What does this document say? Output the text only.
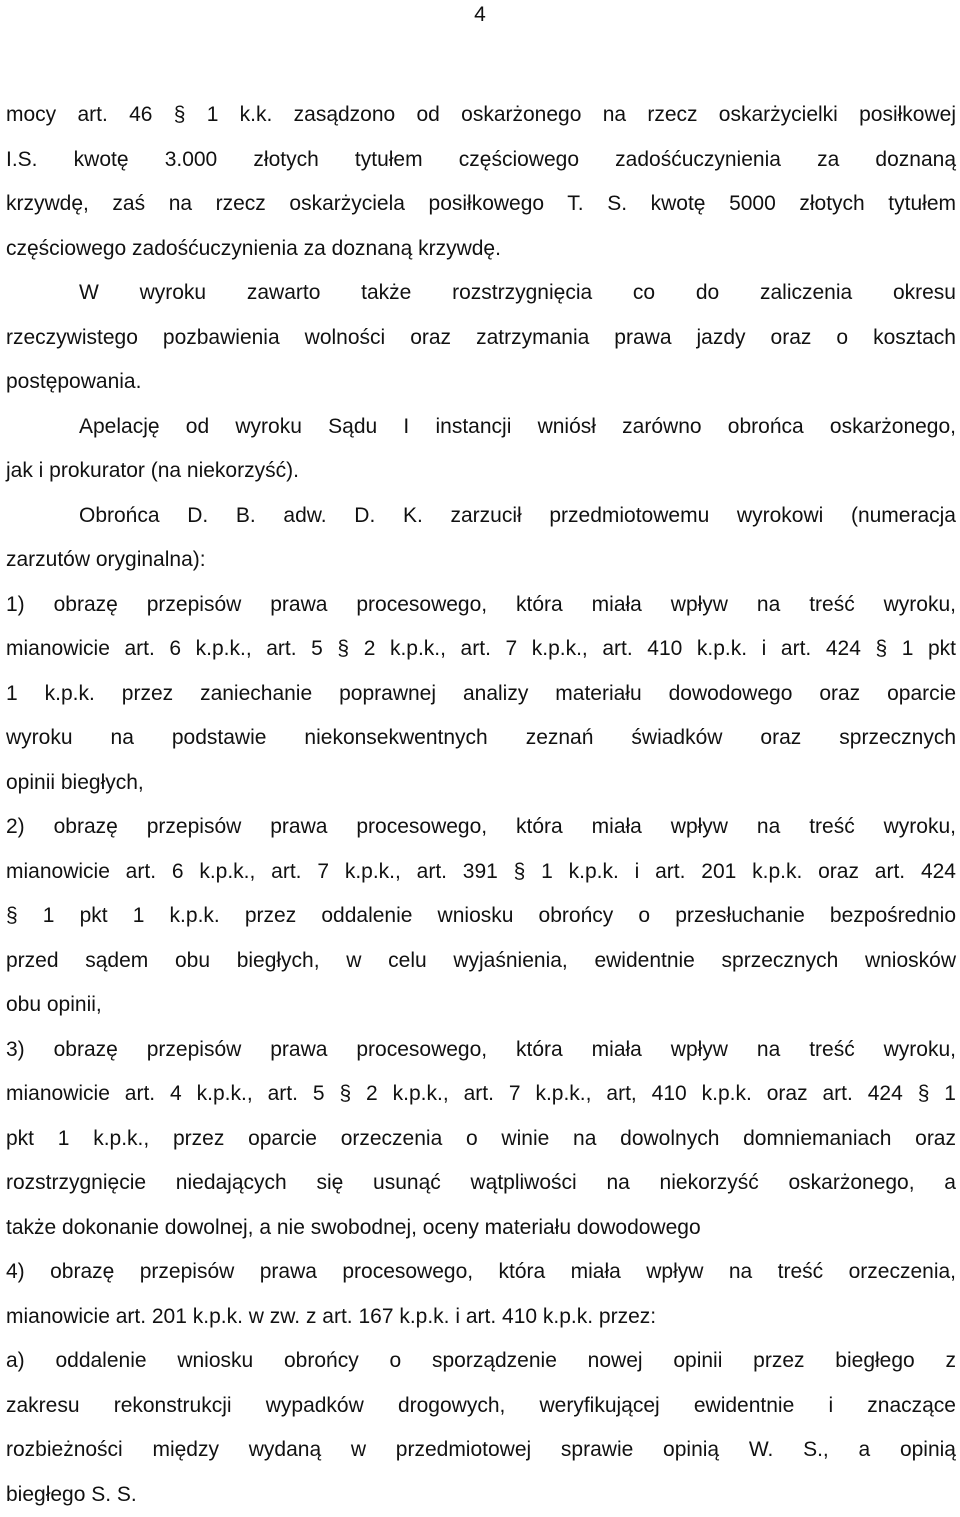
4
mocy art. 46 § 1 k.k. zasądzono od oskarżonego na rzecz oskarżycielki posiłkowej
I.S. kwotę 3.000 złotych tytułem częściowego zadośćuczynienia za doznaną
krzywdę, zaś na rzecz oskarżyciela posiłkowego T. S. kwotę 5000 złotych tytułem
częściowego zadośćuczynienia za doznaną krzywdę.
W wyroku zawarto także rozstrzygnięcia co do zaliczenia okresu
rzeczywistego pozbawienia wolności oraz zatrzymania prawa jazdy oraz o kosztach
postępowania.
Apelację od wyroku Sądu I instancji wniósł zarówno obrońca oskarżonego,
jak i prokurator (na niekorzyść).
Obrońca D. B. adw. D. K. zarzucił przedmiotowemu wyrokowi (numeracja
zarzutów oryginalna):
1) obrazę przepisów prawa procesowego, która miała wpływ na treść wyroku,
mianowicie art. 6 k.p.k., art. 5 § 2 k.p.k., art. 7 k.p.k., art. 410 k.p.k. i art. 424 § 1 pkt
1 k.p.k. przez zaniechanie poprawnej analizy materiału dowodowego oraz oparcie
wyroku na podstawie niekonsekwentnych zeznań świadków oraz sprzecznych
opinii biegłych,
2) obrazę przepisów prawa procesowego, która miała wpływ na treść wyroku,
mianowicie art. 6 k.p.k., art. 7 k.p.k., art. 391 § 1 k.p.k. i art. 201 k.p.k. oraz art. 424
§ 1 pkt 1 k.p.k. przez oddalenie wniosku obrońcy o przesłuchanie bezpośrednio
przed sądem obu biegłych, w celu wyjaśnienia, ewidentnie sprzecznych wniosków
obu opinii,
3) obrazę przepisów prawa procesowego, która miała wpływ na treść wyroku,
mianowicie art. 4 k.p.k., art. 5 § 2 k.p.k., art. 7 k.p.k., art, 410 k.p.k. oraz art. 424 § 1
pkt 1 k.p.k., przez oparcie orzeczenia o winie na dowolnych domniemaniach oraz
rozstrzygnięcie niedających się usunąć wątpliwości na niekorzyść oskarżonego, a
także dokonanie dowolnej, a nie swobodnej, oceny materiału dowodowego
4) obrazę przepisów prawa procesowego, która miała wpływ na treść orzeczenia,
mianowicie art. 201 k.p.k. w zw. z art. 167 k.p.k. i art. 410 k.p.k. przez:
a) oddalenie wniosku obrońcy o sporządzenie nowej opinii przez biegłego z
zakresu rekonstrukcji wypadków drogowych, weryfikującej ewidentnie i znaczące
rozbieżności między wydaną w przedmiotowej sprawie opinią W. S., a opinią
biegłego S. S.
